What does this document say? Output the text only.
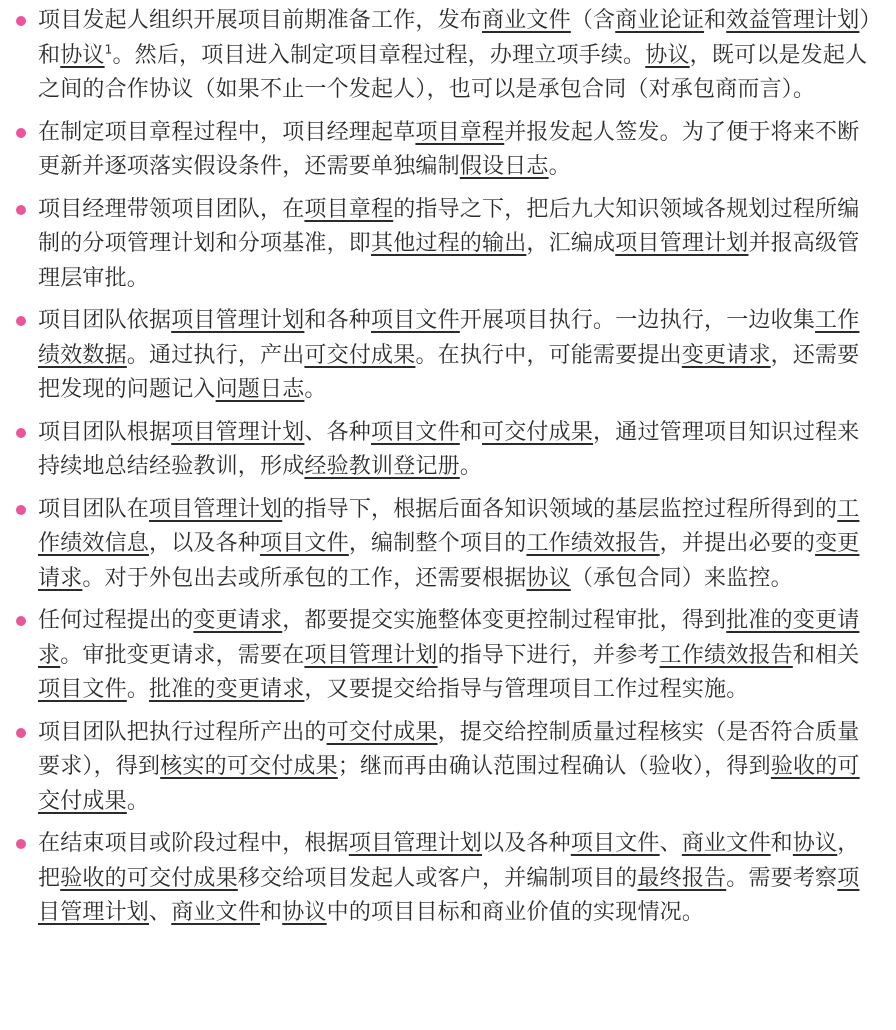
项目发起人组织开展项目前期准备工作，发布商业文件（含商业论证和效益管理计划）和协议$^1$。然后，项目进入制定项目章程过程，办理立项手续。协议，既可以是发起人之间的合作协议（如果不止一个发起人），也可以是承包合同（对承包商而言）。
在制定项目章程过程中，项目经理起草项目章程并报发起人签发。为了便于将来不断更新并逐项落实假设条件，还需要单独编制假设日志。
项目经理带领项目团队，在项目章程的指导之下，把后九大知识领域各规划过程所编制的分项管理计划和分项基准，即其他过程的输出，汇编成项目管理计划并报高级管理层审批。
项目团队依据项目管理计划和各种项目文件开展项目执行。一边执行，一边收集工作绩效数据。通过执行，产出可交付成果。在执行中，可能需要提出变更请求，还需要把发现的问题记入问题日志。
项目团队根据项目管理计划、各种项目文件和可交付成果，通过管理项目知识过程来持续地总结经验教训，形成经验教训登记册。
项目团队在项目管理计划的指导下，根据后面各知识领域的基层监控过程所得到的工作绩效信息，以及各种项目文件，编制整个项目的工作绩效报告，并提出必要的变更请求。对于外包出去或所承包的工作，还需要根据协议（承包合同）来监控。
任何过程提出的变更请求，都要提交实施整体变更控制过程审批，得到批准的变更请求。审批变更请求，需要在项目管理计划的指导下进行，并参考工作绩效报告和相关项目文件。批准的变更请求，又要提交给指导与管理项目工作过程实施。
项目团队把执行过程所产出的可交付成果，提交给控制质量过程核实（是否符合质量要求），得到核实的可交付成果；继而再由确认范围过程确认（验收），得到验收的可交付成果。
在结束项目或阶段过程中，根据项目管理计划以及各种项目文件、商业文件和协议，把验收的可交付成果移交给项目发起人或客户，并编制项目的最终报告。需要考察项目管理计划、商业文件和协议中的项目目标和商业价值的实现情况。
